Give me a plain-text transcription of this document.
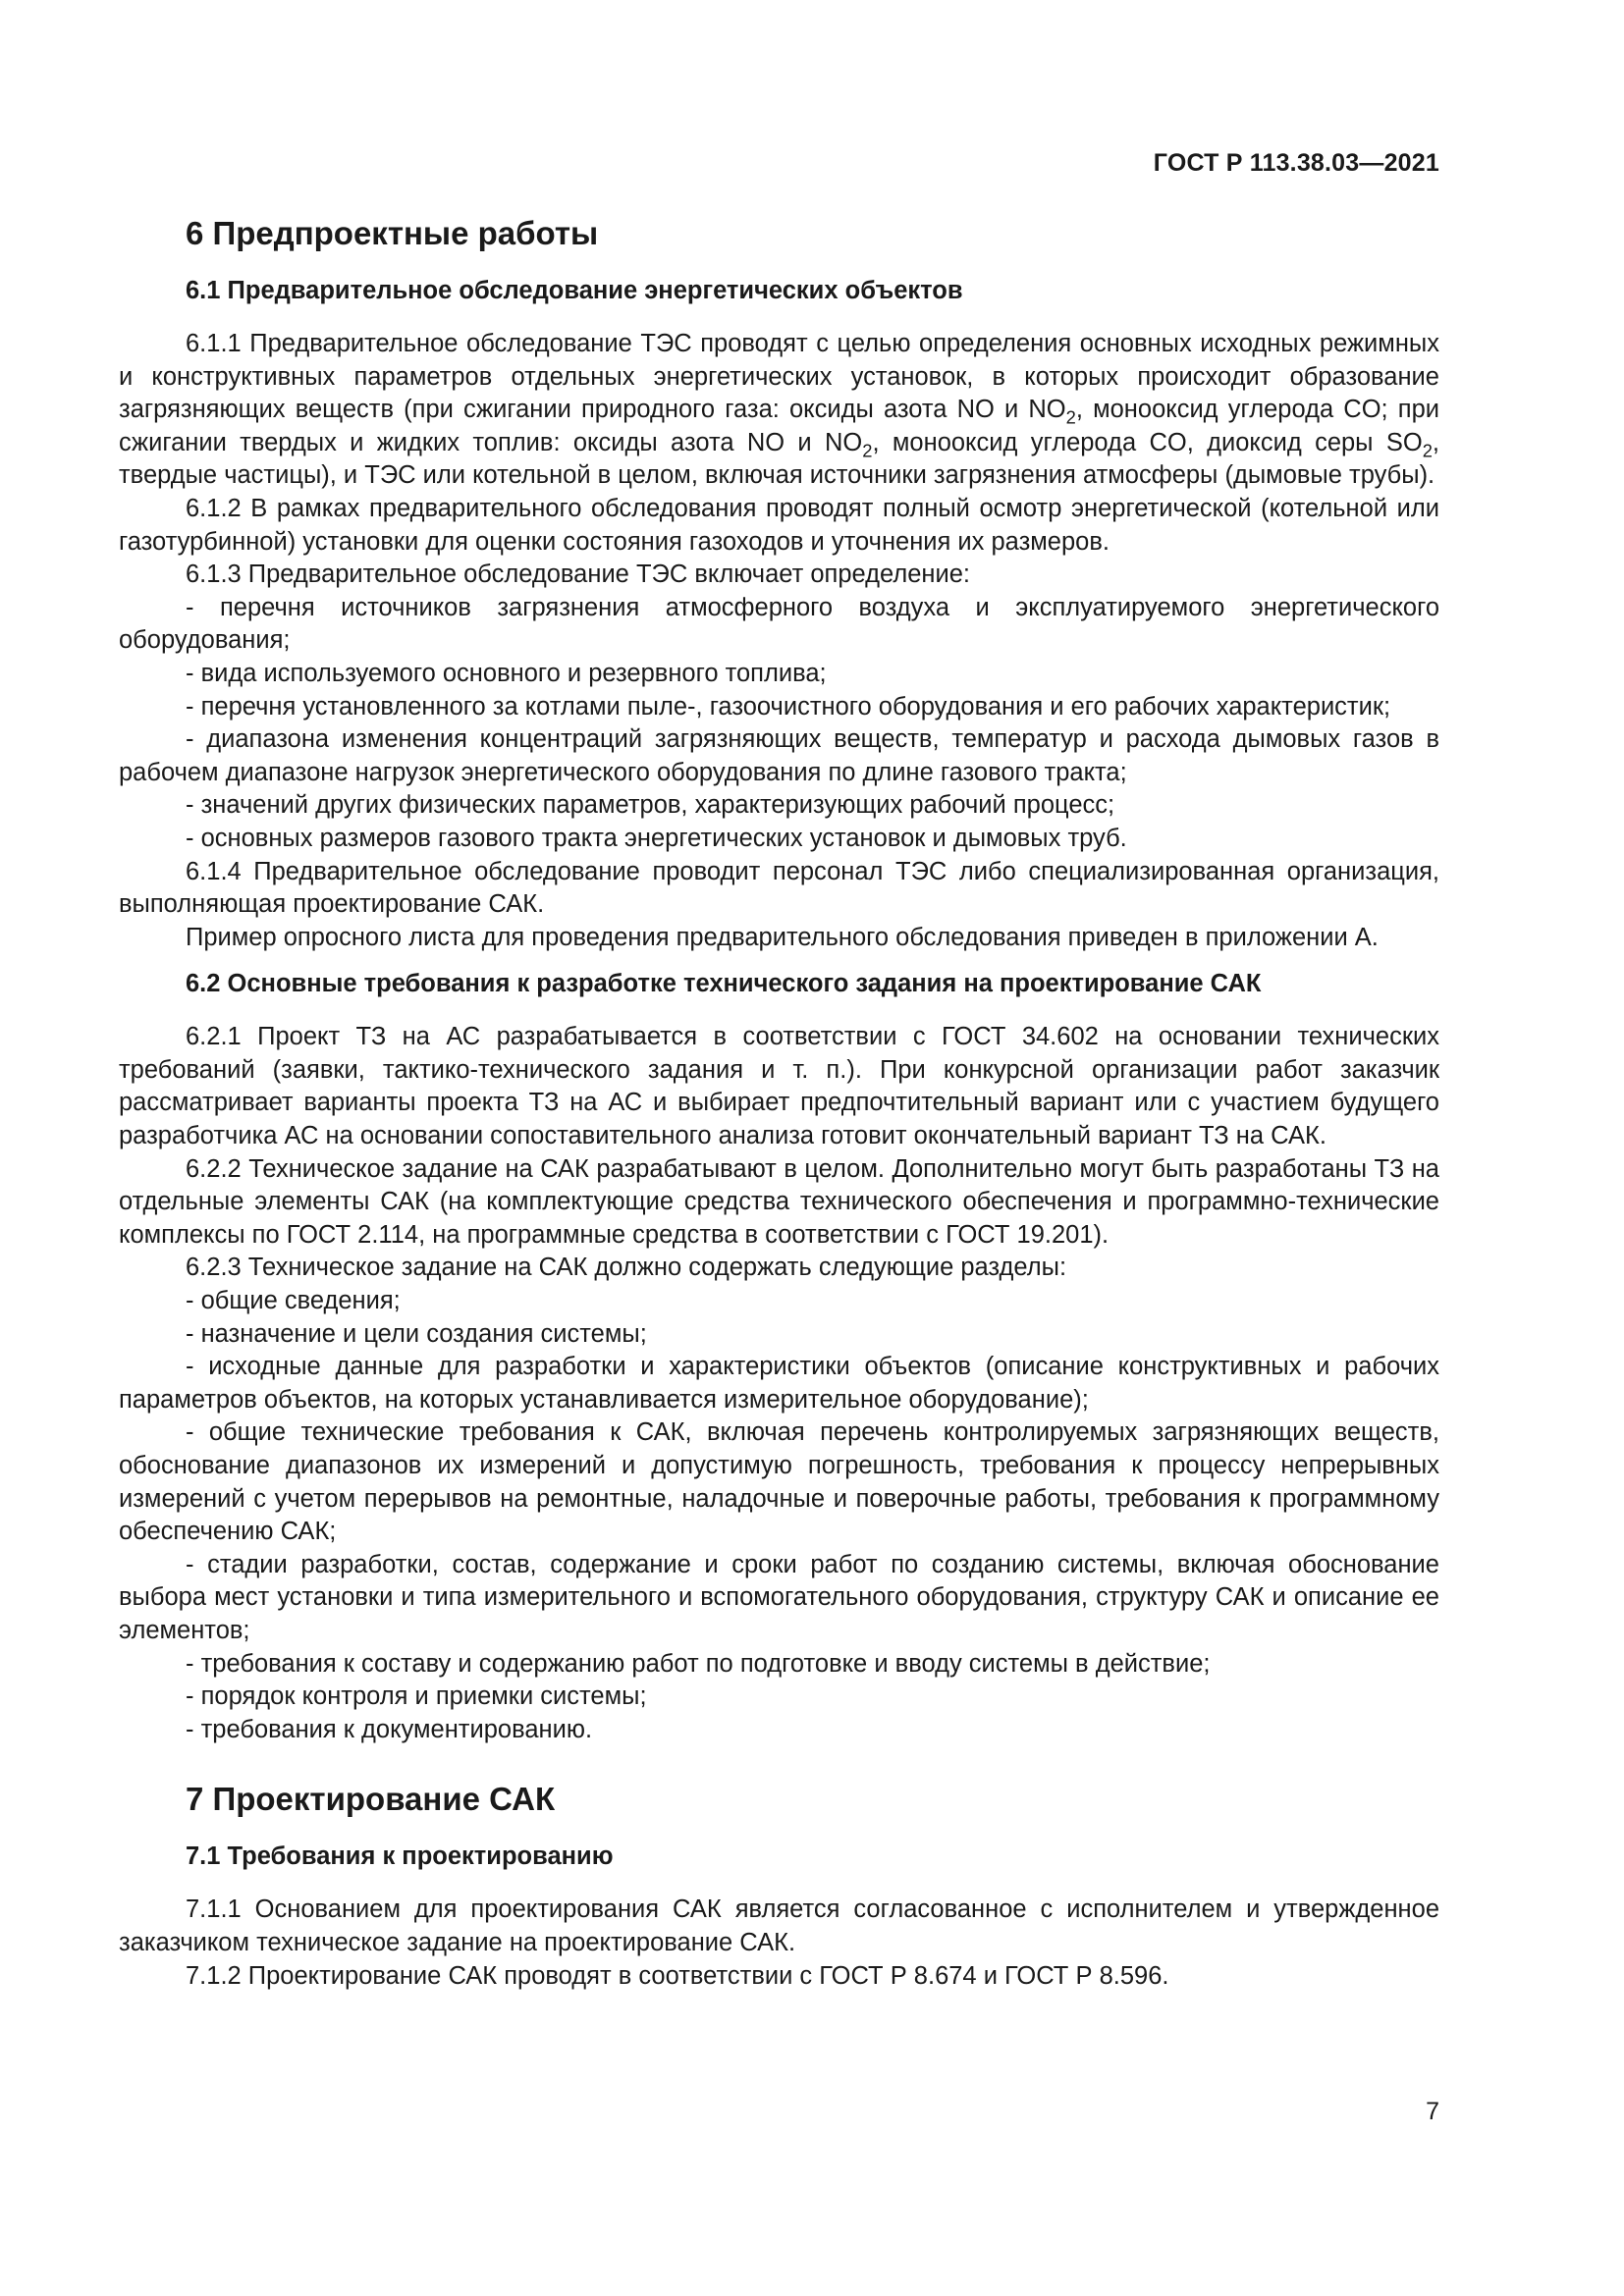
ГОСТ Р 113.38.03—2021
6 Предпроектные работы
6.1 Предварительное обследование энергетических объектов

6.1.1 Предварительное обследование ТЭС проводят с целью определения основных исходных режимных и конструктивных параметров отдельных энергетических установок, в которых происходит образование загрязняющих веществ (при сжигании природного газа: оксиды азота NO и $NO_2$, монооксид углерода CO; при сжигании твердых и жидких топлив: оксиды азота NO и $NO_2$, монооксид углерода CO, диоксид серы $SO_2$, твердые частицы), и ТЭС или котельной в целом, включая источники загрязнения атмосферы (дымовые трубы).

6.1.2 В рамках предварительного обследования проводят полный осмотр энергетической (котельной или газотурбинной) установки для оценки состояния газоходов и уточнения их размеров.

6.1.3 Предварительное обследование ТЭС включает определение:

- перечня источников загрязнения атмосферного воздуха и эксплуатируемого энергетического оборудования;

- вида используемого основного и резервного топлива;

- перечня установленного за котлами пыле-, газоочистного оборудования и его рабочих характеристик;

- диапазона изменения концентраций загрязняющих веществ, температур и расхода дымовых газов в рабочем диапазоне нагрузок энергетического оборудования по длине газового тракта;

- значений других физических параметров, характеризующих рабочий процесс;

- основных размеров газового тракта энергетических установок и дымовых труб.

6.1.4 Предварительное обследование проводит персонал ТЭС либо специализированная организация, выполняющая проектирование САК.

Пример опросного листа для проведения предварительного обследования приведен в приложении А.

6.2 Основные требования к разработке технического задания на проектирование САК

6.2.1 Проект ТЗ на АС разрабатывается в соответствии с ГОСТ 34.602 на основании технических требований (заявки, тактико-технического задания и т. п.). При конкурсной организации работ заказчик рассматривает варианты проекта ТЗ на АС и выбирает предпочтительный вариант или с участием будущего разработчика АС на основании сопоставительного анализа готовит окончательный вариант ТЗ на САК.

6.2.2 Техническое задание на САК разрабатывают в целом. Дополнительно могут быть разработаны ТЗ на отдельные элементы САК (на комплектующие средства технического обеспечения и программно-технические комплексы по ГОСТ 2.114, на программные средства в соответствии с ГОСТ 19.201).

6.2.3 Техническое задание на САК должно содержать следующие разделы:

- общие сведения;

- назначение и цели создания системы;

- исходные данные для разработки и характеристики объектов (описание конструктивных и рабочих параметров объектов, на которых устанавливается измерительное оборудование);

- общие технические требования к САК, включая перечень контролируемых загрязняющих веществ, обоснование диапазонов их измерений и допустимую погрешность, требования к процессу непрерывных измерений с учетом перерывов на ремонтные, наладочные и поверочные работы, требования к программному обеспечению САК;

- стадии разработки, состав, содержание и сроки работ по созданию системы, включая обоснование выбора мест установки и типа измерительного и вспомогательного оборудования, структуру САК и описание ее элементов;

- требования к составу и содержанию работ по подготовке и вводу системы в действие;

- порядок контроля и приемки системы;

- требования к документированию.

7 Проектирование САК
7.1 Требования к проектированию

7.1.1 Основанием для проектирования САК является согласованное с исполнителем и утвержденное заказчиком техническое задание на проектирование САК.

7.1.2 Проектирование САК проводят в соответствии с ГОСТ Р 8.674 и ГОСТ Р 8.596.

7
